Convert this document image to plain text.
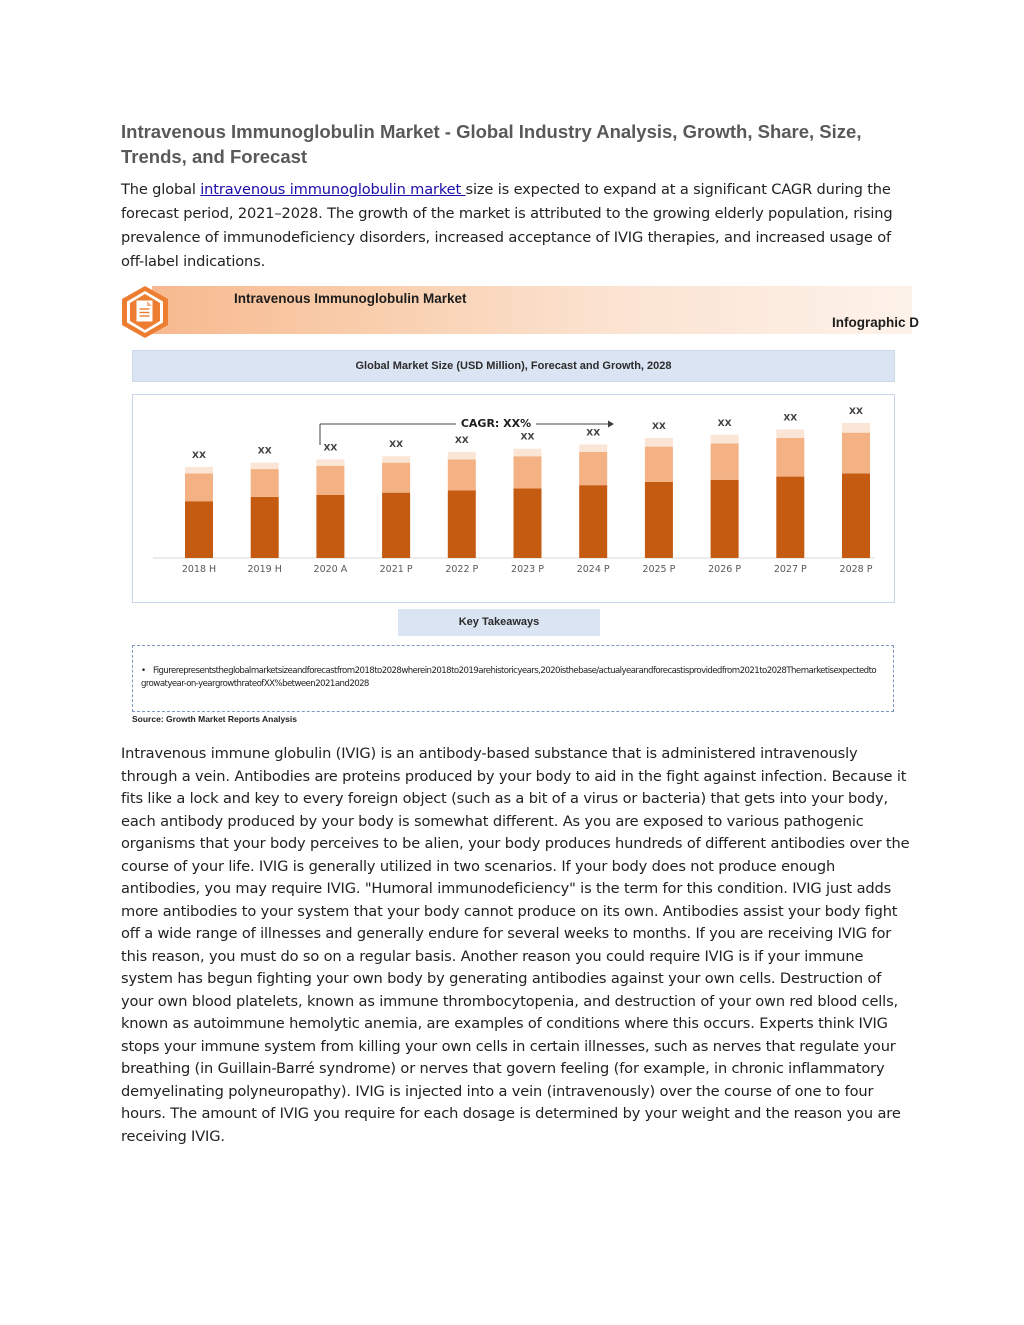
Intravenous Immunoglobulin Market - Global Industry Analysis, Growth, Share, Size, Trends, and Forecast

The global intravenous immunoglobulin market size is expected to expand at a significant CAGR during the forecast period, 2021–2028. The growth of the market is attributed to the growing elderly population, rising prevalence of immunodeficiency disorders, increased acceptance of IVIG therapies, and increased usage of off-label indications.

Intravenous Immunoglobulin Market
Infographic D
Global Market Size (USD Million), Forecast and Growth, 2028
CAGR: XX%
XX
2018 H
XX
2019 H
XX
2020 A
XX
2021 P
XX
2022 P
XX
2023 P
XX
2024 P
XX
2025 P
XX
2026 P
XX
2027 P
XX
2028 P
Key Takeaways
• Figure represents the global market size and forecast from 2018 to 2028 wherein 2018 to 2019 are historic years, 2020 is the base/actual year and forecast is provided from 2021 to 2028 The market is expected to grow at year-on-year growth rate of XX% between 2021 and 2028
Source: Growth Market Reports Analysis

Intravenous immune globulin (IVIG) is an antibody-based substance that is administered intravenously through a vein. Antibodies are proteins produced by your body to aid in the fight against infection. Because it fits like a lock and key to every foreign object (such as a bit of a virus or bacteria) that gets into your body, each antibody produced by your body is somewhat different. As you are exposed to various pathogenic organisms that your body perceives to be alien, your body produces hundreds of different antibodies over the course of your life. IVIG is generally utilized in two scenarios. If your body does not produce enough antibodies, you may require IVIG. "Humoral immunodeficiency" is the term for this condition. IVIG just adds more antibodies to your system that your body cannot produce on its own. Antibodies assist your body fight off a wide range of illnesses and generally endure for several weeks to months. If you are receiving IVIG for this reason, you must do so on a regular basis. Another reason you could require IVIG is if your immune system has begun fighting your own body by generating antibodies against your own cells. Destruction of your own blood platelets, known as immune thrombocytopenia, and destruction of your own red blood cells, known as autoimmune hemolytic anemia, are examples of conditions where this occurs. Experts think IVIG stops your immune system from killing your own cells in certain illnesses, such as nerves that regulate your breathing (in Guillain-Barré syndrome) or nerves that govern feeling (for example, in chronic inflammatory demyelinating polyneuropathy). IVIG is injected into a vein (intravenously) over the course of one to four hours. The amount of IVIG you require for each dosage is determined by your weight and the reason you are receiving IVIG.
